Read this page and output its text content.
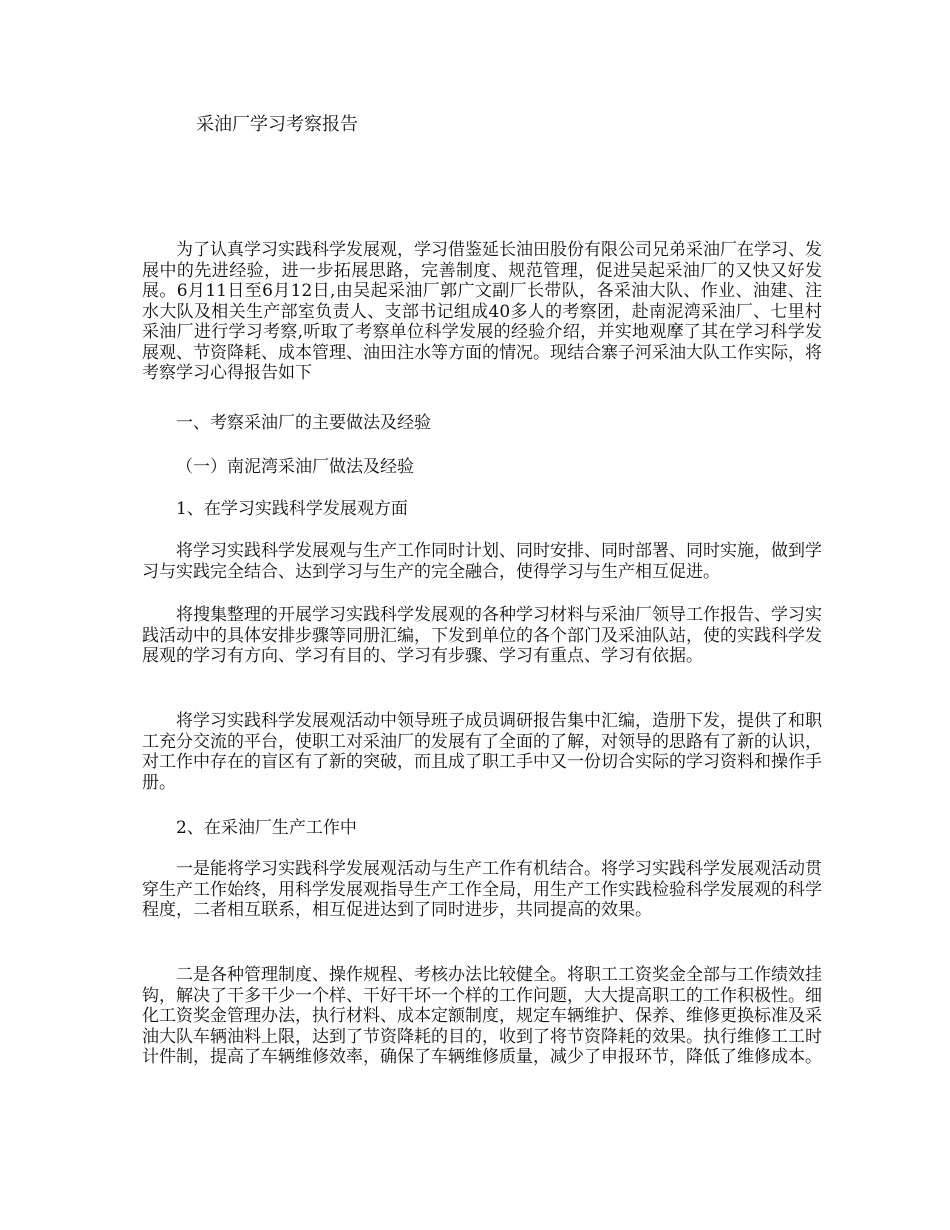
采油厂学习考察报告

为了认真学习实践科学发展观，学习借鉴延长油田股份有限公司兄弟采油厂在学习、发展中的先进经验，进一步拓展思路，完善制度、规范管理，促进吴起采油厂的又快又好发展。6月11日至6月12日,由吴起采油厂郭广文副厂长带队，各采油大队、作业、油建、注水大队及相关生产部室负责人、支部书记组成40多人的考察团，赴南泥湾采油厂、七里村采油厂进行学习考察,听取了考察单位科学发展的经验介绍，并实地观摩了其在学习科学发展观、节资降耗、成本管理、油田注水等方面的情况。现结合寨子河采油大队工作实际，将考察学习心得报告如下

一、考察采油厂的主要做法及经验

（一）南泥湾采油厂做法及经验

1、在学习实践科学发展观方面

将学习实践科学发展观与生产工作同时计划、同时安排、同时部署、同时实施，做到学习与实践完全结合、达到学习与生产的完全融合，使得学习与生产相互促进。

将搜集整理的开展学习实践科学发展观的各种学习材料与采油厂领导工作报告、学习实践活动中的具体安排步骤等同册汇编，下发到单位的各个部门及采油队站，使的实践科学发展观的学习有方向、学习有目的、学习有步骤、学习有重点、学习有依据。

将学习实践科学发展观活动中领导班子成员调研报告集中汇编，造册下发，提供了和职工充分交流的平台，使职工对采油厂的发展有了全面的了解，对领导的思路有了新的认识，对工作中存在的盲区有了新的突破，而且成了职工手中又一份切合实际的学习资料和操作手册。

2、在采油厂生产工作中

一是能将学习实践科学发展观活动与生产工作有机结合。将学习实践科学发展观活动贯穿生产工作始终，用科学发展观指导生产工作全局，用生产工作实践检验科学发展观的科学程度，二者相互联系，相互促进达到了同时进步，共同提高的效果。

二是各种管理制度、操作规程、考核办法比较健全。将职工工资奖金全部与工作绩效挂钩，解决了干多干少一个样、干好干坏一个样的工作问题，大大提高职工的工作积极性。细化工资奖金管理办法，执行材料、成本定额制度，规定车辆维护、保养、维修更换标准及采油大队车辆油料上限，达到了节资降耗的目的，收到了将节资降耗的效果。执行维修工工时计件制，提高了车辆维修效率，确保了车辆维修质量，减少了申报环节，降低了维修成本。
